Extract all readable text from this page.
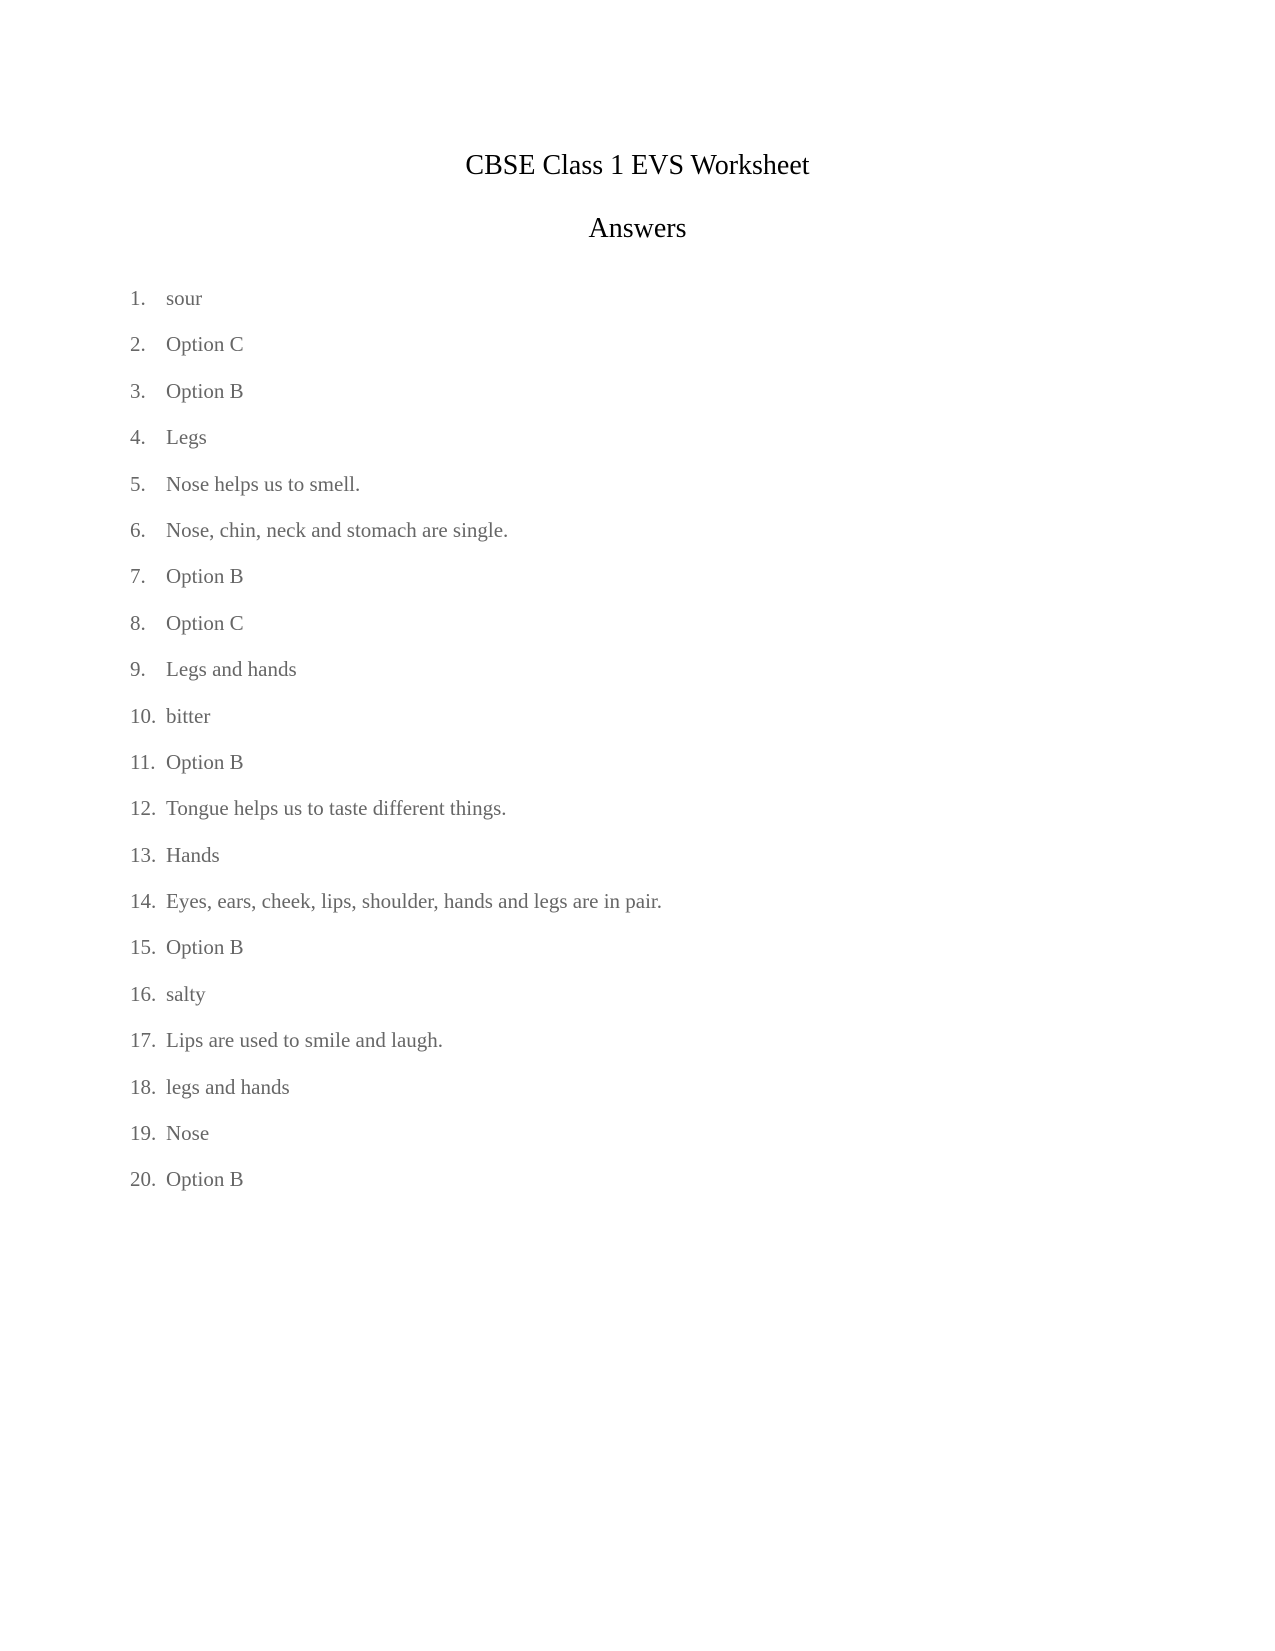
CBSE Class 1 EVS Worksheet
Answers
1. sour
2. Option C
3. Option B
4. Legs
5. Nose helps us to smell.
6. Nose, chin, neck and stomach are single.
7. Option B
8. Option C
9. Legs and hands
10. bitter
11. Option B
12. Tongue helps us to taste different things.
13. Hands
14. Eyes, ears, cheek, lips, shoulder, hands and legs are in pair.
15. Option B
16. salty
17. Lips are used to smile and laugh.
18. legs and hands
19. Nose
20. Option B
